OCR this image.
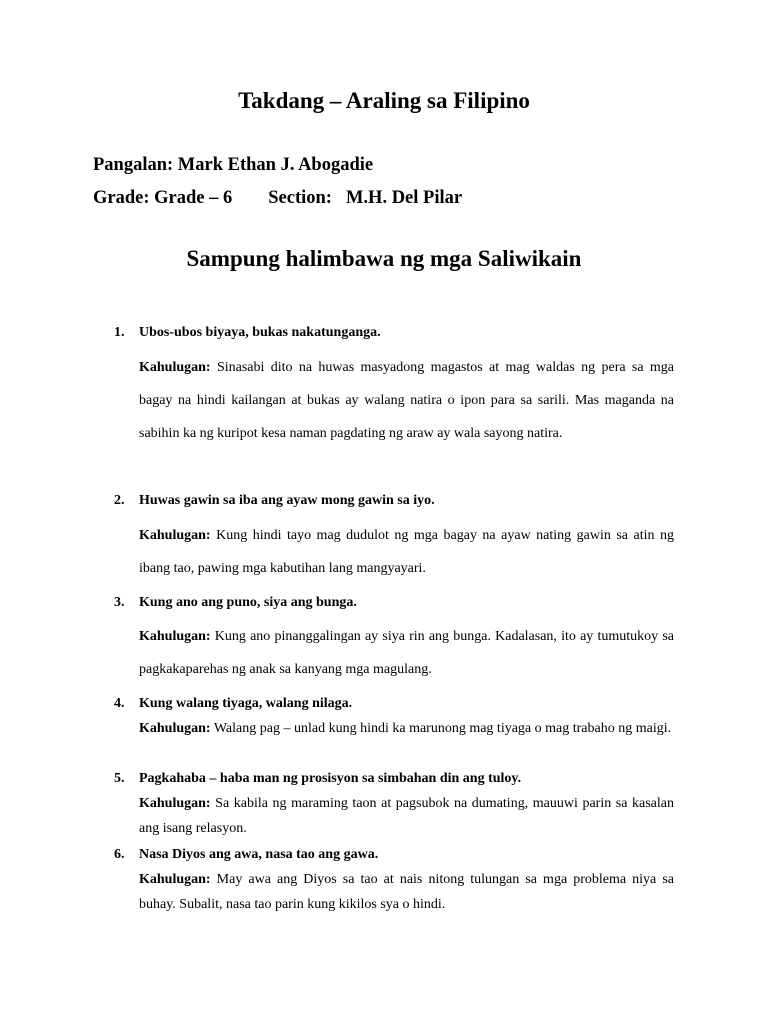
Takdang – Araling sa Filipino
Pangalan: Mark Ethan J. Abogadie
Grade: Grade – 6 Section: M.H. Del Pilar
Sampung halimbawa ng mga Saliwikain
1.	Ubos-ubos biyaya, bukas nakatunganga.
Kahulugan: Sinasabi dito na huwas masyadong magastos at mag waldas ng pera sa mga bagay na hindi kailangan at bukas ay walang natira o ipon para sa sarili. Mas maganda na sabihin ka ng kuripot kesa naman pagdating ng araw ay wala sayong natira.
2.	Huwas gawin sa iba ang ayaw mong gawin sa iyo.
Kahulugan: Kung hindi tayo mag dudulot ng mga bagay na ayaw nating gawin sa atin ng ibang tao, pawing mga kabutihan lang mangyayari.
3.	Kung ano ang puno, siya ang bunga.
Kahulugan: Kung ano pinanggalingan ay siya rin ang bunga. Kadalasan, ito ay tumutukoy sa pagkakaparehas ng anak sa kanyang mga magulang.
4.	Kung walang tiyaga, walang nilaga.
Kahulugan: Walang pag – unlad kung hindi ka marunong mag tiyaga o mag trabaho ng maigi.
5.	Pagkahaba – haba man ng prosisyon sa simbahan din ang tuloy.
Kahulugan: Sa kabila ng maraming taon at pagsubok na dumating, mauuwi parin sa kasalan ang isang relasyon.
6.	Nasa Diyos ang awa, nasa tao ang gawa.
Kahulugan: May awa ang Diyos sa tao at nais nitong tulungan sa mga problema niya sa buhay. Subalit, nasa tao parin kung kikilos sya o hindi.
